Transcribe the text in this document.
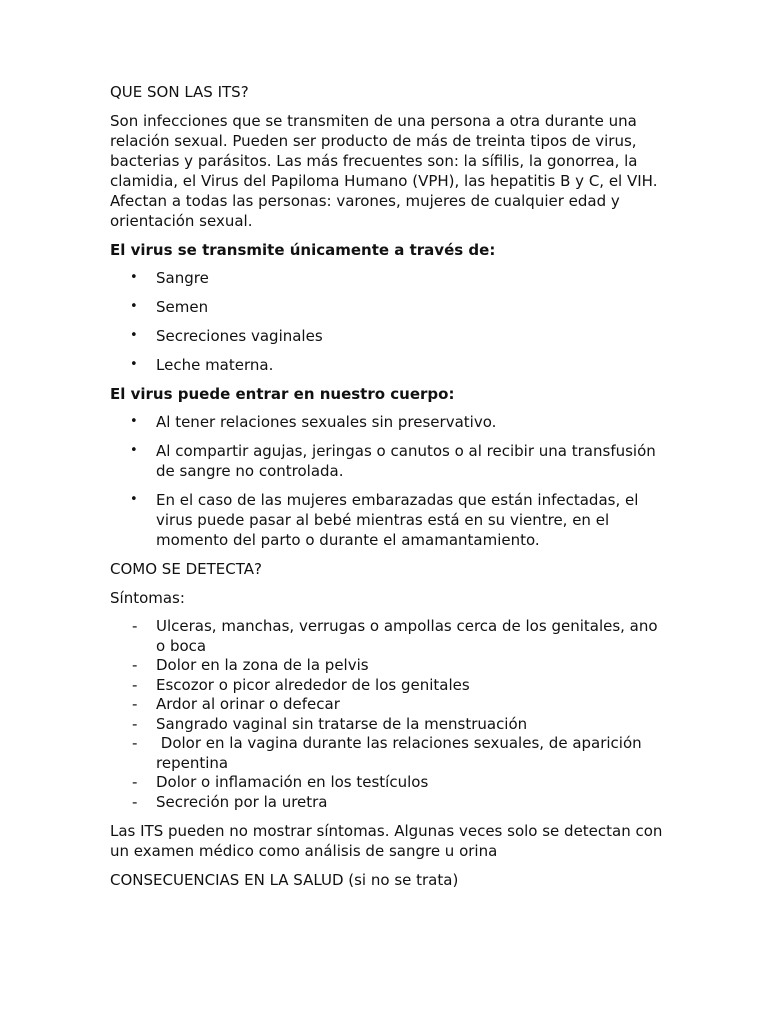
QUE SON LAS ITS?

Son infecciones que se transmiten de una persona a otra durante una relación sexual. Pueden ser producto de más de treinta tipos de virus, bacterias y parásitos. Las más frecuentes son: la sífilis, la gonorrea, la clamidia, el Virus del Papiloma Humano (VPH), las hepatitis B y C, el VIH. Afectan a todas las personas: varones, mujeres de cualquier edad y orientación sexual.

El virus se transmite únicamente a través de:

• Sangre
• Semen
• Secreciones vaginales
• Leche materna.

El virus puede entrar en nuestro cuerpo:

• Al tener relaciones sexuales sin preservativo.
• Al compartir agujas, jeringas o canutos o al recibir una transfusión de sangre no controlada.
• En el caso de las mujeres embarazadas que están infectadas, el virus puede pasar al bebé mientras está en su vientre, en el momento del parto o durante el amamantamiento.

COMO SE DETECTA?

Síntomas:

- Ulceras, manchas, verrugas o ampollas cerca de los genitales, ano o boca
- Dolor en la zona de la pelvis
- Escozor o picor alrededor de los genitales
- Ardor al orinar o defecar
- Sangrado vaginal sin tratarse de la menstruación
- Dolor en la vagina durante las relaciones sexuales, de aparición repentina
- Dolor o inflamación en los testículos
- Secreción por la uretra

Las ITS pueden no mostrar síntomas. Algunas veces solo se detectan con un examen médico como análisis de sangre u orina

CONSECUENCIAS EN LA SALUD (si no se trata)
